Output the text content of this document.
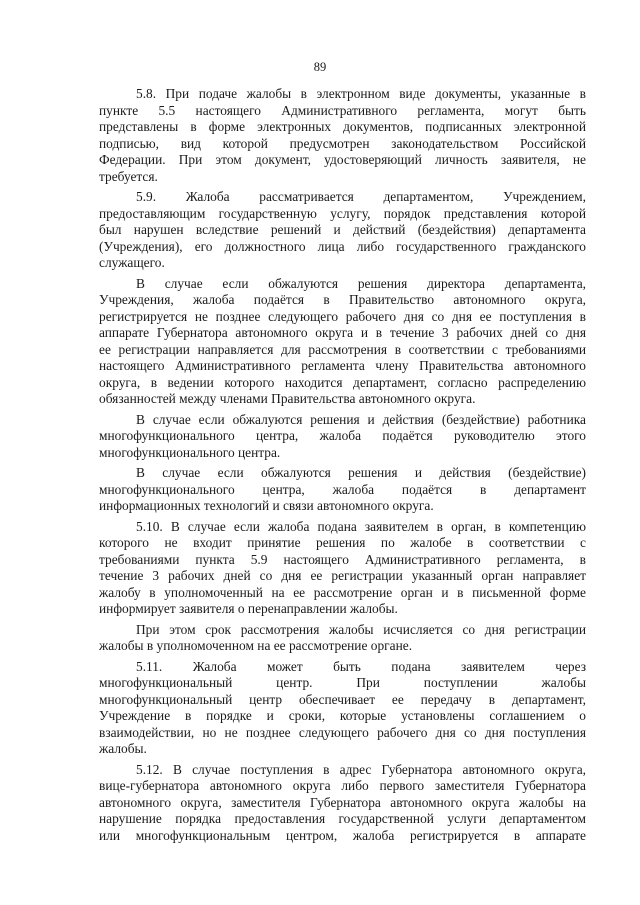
89
5.8. При подаче жалобы в электронном виде документы, указанные в
пункте 5.5 настоящего Административного регламента, могут быть
представлены в форме электронных документов, подписанных электронной
подписью, вид которой предусмотрен законодательством Российской
Федерации. При этом документ, удостоверяющий личность заявителя, не
требуется.
5.9. Жалоба рассматривается департаментом, Учреждением,
предоставляющим государственную услугу, порядок представления которой
был нарушен вследствие решений и действий (бездействия) департамента
(Учреждения), его должностного лица либо государственного гражданского
служащего.
В случае если обжалуются решения директора департамента,
Учреждения, жалоба подаётся в Правительство автономного округа,
регистрируется не позднее следующего рабочего дня со дня ее поступления в
аппарате Губернатора автономного округа и в течение 3 рабочих дней со дня
ее регистрации направляется для рассмотрения в соответствии с требованиями
настоящего Административного регламента члену Правительства автономного
округа, в ведении которого находится департамент, согласно распределению
обязанностей между членами Правительства автономного округа.
В случае если обжалуются решения и действия (бездействие) работника
многофункционального центра, жалоба подаётся руководителю этого
многофункционального центра.
В случае если обжалуются решения и действия (бездействие)
многофункционального центра, жалоба подаётся в департамент
информационных технологий и связи автономного округа.
5.10. В случае если жалоба подана заявителем в орган, в компетенцию
которого не входит принятие решения по жалобе в соответствии с
требованиями пункта 5.9 настоящего Административного регламента, в
течение 3 рабочих дней со дня ее регистрации указанный орган направляет
жалобу в уполномоченный на ее рассмотрение орган и в письменной форме
информирует заявителя о перенаправлении жалобы.
При этом срок рассмотрения жалобы исчисляется со дня регистрации
жалобы в уполномоченном на ее рассмотрение органе.
5.11. Жалоба может быть подана заявителем через
многофункциональный центр. При поступлении жалобы
многофункциональный центр обеспечивает ее передачу в департамент,
Учреждение в порядке и сроки, которые установлены соглашением о
взаимодействии, но не позднее следующего рабочего дня со дня поступления
жалобы.
5.12. В случае поступления в адрес Губернатора автономного округа,
вице-губернатора автономного округа либо первого заместителя Губернатора
автономного округа, заместителя Губернатора автономного округа жалобы на
нарушение порядка предоставления государственной услуги департаментом
или многофункциональным центром, жалоба регистрируется в аппарате
